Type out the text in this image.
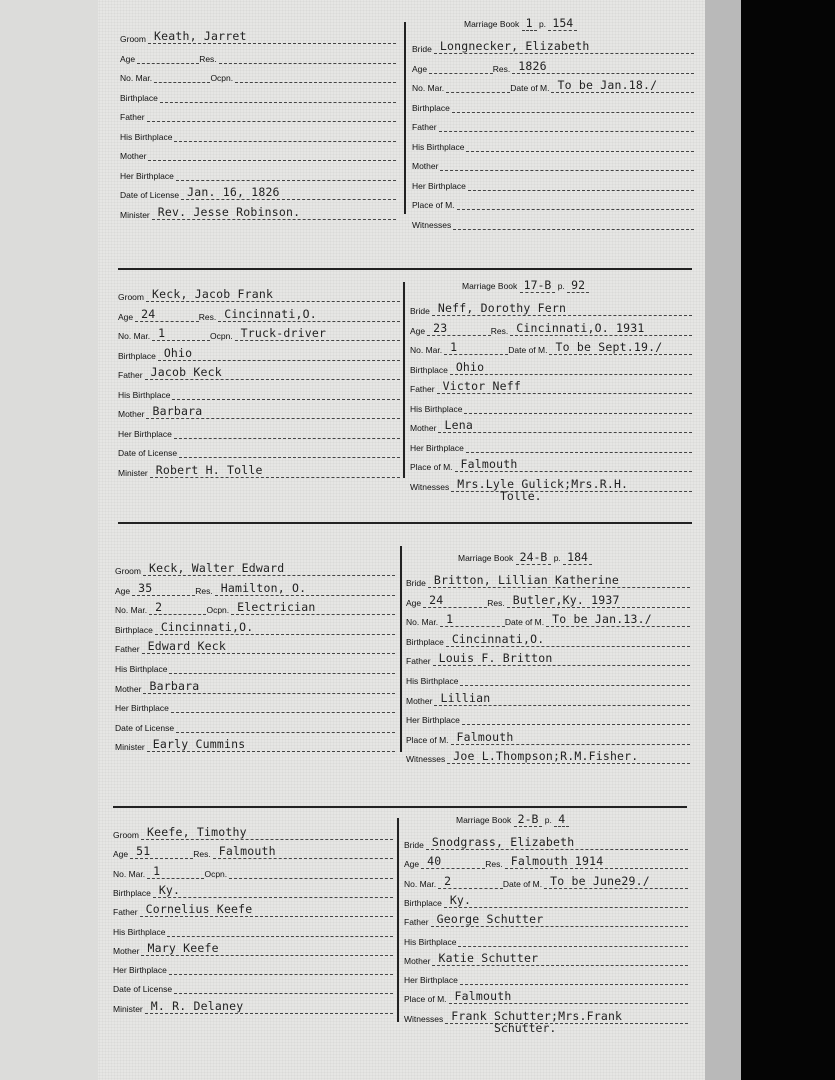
Groom Keath, Jarret
Age	Res.
No. Mar.	Ocpn.
Birthplace
Father
His Birthplace
Mother
Her Birthplace
Date of License Jan. 16, 1826
Minister Rev. Jesse Robinson.
Marriage Book 1 p. 154
Bride Longnecker, Elizabeth
Age	Res. 1826
No. Mar.	Date of M. To be Jan.18./
Birthplace
Father
His Birthplace
Mother
Her Birthplace
Place of M.
Witnesses
Groom Keck, Jacob Frank
Age 24	Res. Cincinnati,O.
No. Mar. 1	Ocpn. Truck-driver
Birthplace Ohio
Father Jacob Keck
His Birthplace
Mother Barbara
Her Birthplace
Date of License
Minister Robert H. Tolle
Marriage Book 17-B p. 92
Bride Neff, Dorothy Fern
Age 23	Res. Cincinnati,O. 1931
No. Mar. 1	Date of M. To be Sept.19./
Birthplace Ohio
Father Victor Neff
His Birthplace
Mother Lena
Her Birthplace
Place of M. Falmouth
Witnesses Mrs.Lyle Gulick;Mrs.R.H.
Tolle.
Groom Keck, Walter Edward
Age 35	Res. Hamilton, O.
No. Mar. 2	Ocpn. Electrician
Birthplace Cincinnati,O.
Father Edward Keck
His Birthplace
Mother Barbara
Her Birthplace
Date of License
Minister Early Cummins
Marriage Book 24-B p. 184
Bride Britton, Lillian Katherine
Age 24	Res. Butler,Ky. 1937
No. Mar. 1	Date of M. To be Jan.13./
Birthplace Cincinnati,O.
Father Louis F. Britton
His Birthplace
Mother Lillian
Her Birthplace
Place of M. Falmouth
Witnesses Joe L.Thompson;R.M.Fisher.
Groom Keefe, Timothy
Age 51	Res. Falmouth
No. Mar. 1	Ocpn.
Birthplace Ky.
Father Cornelius Keefe
His Birthplace
Mother Mary Keefe
Her Birthplace
Date of License
Minister M. R. Delaney
Marriage Book 2-B p. 4
Bride Snodgrass, Elizabeth
Age 40	Res. Falmouth 1914
No. Mar. 2	Date of M. To be June29./
Birthplace Ky.
Father George Schutter
His Birthplace
Mother Katie Schutter
Her Birthplace
Place of M. Falmouth
Witnesses Frank Schutter;Mrs.Frank
Schutter.
